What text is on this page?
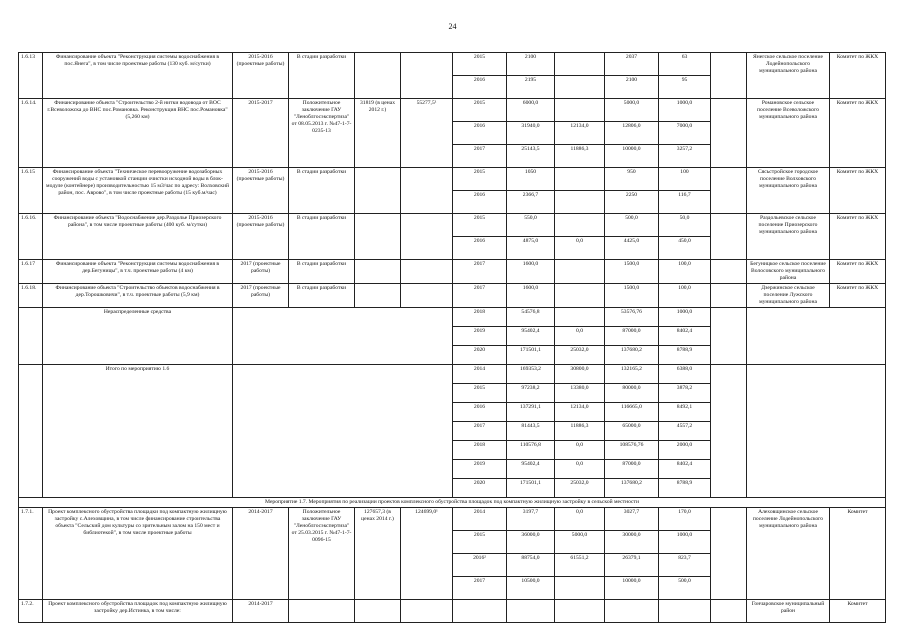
24
1.6.13	Финансирование объекта "Реконструкция системы водоснабжения в пос.Янега", в том числе проектные работы (130 куб. м/сутки)	2015-2016 (проектные работы)	В стадии разработки			2015	2100		2037	63		Янегское сельское поселение Лодейнопольского муниципального района	Комитет по ЖКХ
						2016	2195		2100	95			
1.6.14.	Финансирование объекта "Строительство 2-й нитки водовода от ВОС г.Всеволожска до ВНС пос.Романовка. Реконструкция ВНС пос.Романовка" (5,260 км)	2015-2017	Положительное заключение ГАУ "Леноблгосэкспертиза" от 08.05.2013 г. №47-1-7-0235-13	31819 (в ценах 2012 г.)	55277,5¹	2015	6000,0		5000,0	1000,0		Романовское сельское поселение Всеволожского муниципального района	Комитет по ЖКХ
						2016	31940,0	12134,0	12806,0	7000,0			
						2017	25143,5	11886,3	10000,0	3257,2			
1.6.15	Финансирование объекта "Техническое перевооружение водозаборных сооружений воды с установкой станции очистки исходной воды в блок-модуле (контейнере) производительностью 15 м3/час по адресу: Волховский район, пос. Аврово", в том числе проектные работы (15 куб.м/час)	2015-2016 (проектные работы)	В стадии разработки			2015	1050		950	100		Сясьстройское городское поселение Волховского муниципального района	Комитет по ЖКХ
						2016	2366,7		2250	116,7			
1.6.16.	Финансирование объекта "Водоснабжение дер.Раздолье Приозерского района", в том числе проектные работы (400 куб. м/сутки)	2015-2016 (проектные работы)	В стадии разработки			2015	550,0		500,0	50,0		Раздольевское сельское поселение Приозерского муниципального района	Комитет по ЖКХ
						2016	4875,0	0,0	4425,0	450,0			
1.6.17	Финансирование объекта "Реконструкция системы водоснабжения в дер.Бегуницы", в т.ч. проектные работы (4 км)	2017 (проектные работы)	В стадии разработки			2017	1600,0		1500,0	100,0		Бегуницкое сельское поселение Волосовского муниципального района	Комитет по ЖКХ
1.6.18.	Финансирование объекта "Строительство объектов водоснабжения в дер.Торошковичи", в т.ч. проектные работы (5,9 км)	2017 (проектные работы)	В стадии разработки			2017	1600,0		1500,0	100,0		Дзержинское сельское поселение Лужского муниципального района	Комитет по ЖКХ
	Нераспределенные средства					2018	54576,8		53576,76	1000,0			
						2019	95402,4	0,0	87000,0	8402,4			
						2020	171501,1	25032,0	137680,2	8788,9			
	Итого по мероприятию 1.6					2014	169353,2	30800,0	132165,2	6388,0			
						2015	97238,2	13380,0	80000,0	3878,2			
						2016	137291,1	12134,0	116665,0	8492,1			
						2017	81443,5	11886,3	65000,0	4557,2			
						2018	110576,8	0,0	108576,76	2000,0			
						2019	95402,4	0,0	87000,0	8402,4			
						2020	171501,1	25032,0	137680,2	8788,9			
Мероприятие 1.7. Мероприятия по реализации проектов комплексного обустройства площадок под компактную жилищную застройку в сельской местности													
1.7.1.	Проект комплексного обустройства площадки под компактную жилищную застройку с.Алеховщина, в том числе финансирование строительства объекта "Сельский дом культуры со зрительным залом на 150 мест и библиотекой", в том числе проектные работы	2014-2017	Положительное заключение ГАУ "Леноблгосэкспертиза" от 25.03.2015 г. №47-1-7-0096-15	127657,3 (в ценах 2014 г.)	124699,0¹	2014	3197,7	0,0	3027,7	170,0		Алеховщинское сельское поселение Лодейнопольского муниципального района	Комитет
						2015	36000,0	5000,0	30000,0	1000,0			
						2016²	88754,0	61551,2	26379,1	823,7			
						2017	10500,0		10000,0	500,0			
1.7.2.	Проект комплексного обустройства площадок под компактную жилищную застройку дер.Истинка, в том числе:	2014-2017										Гончаровское муниципальный район	Комитет
